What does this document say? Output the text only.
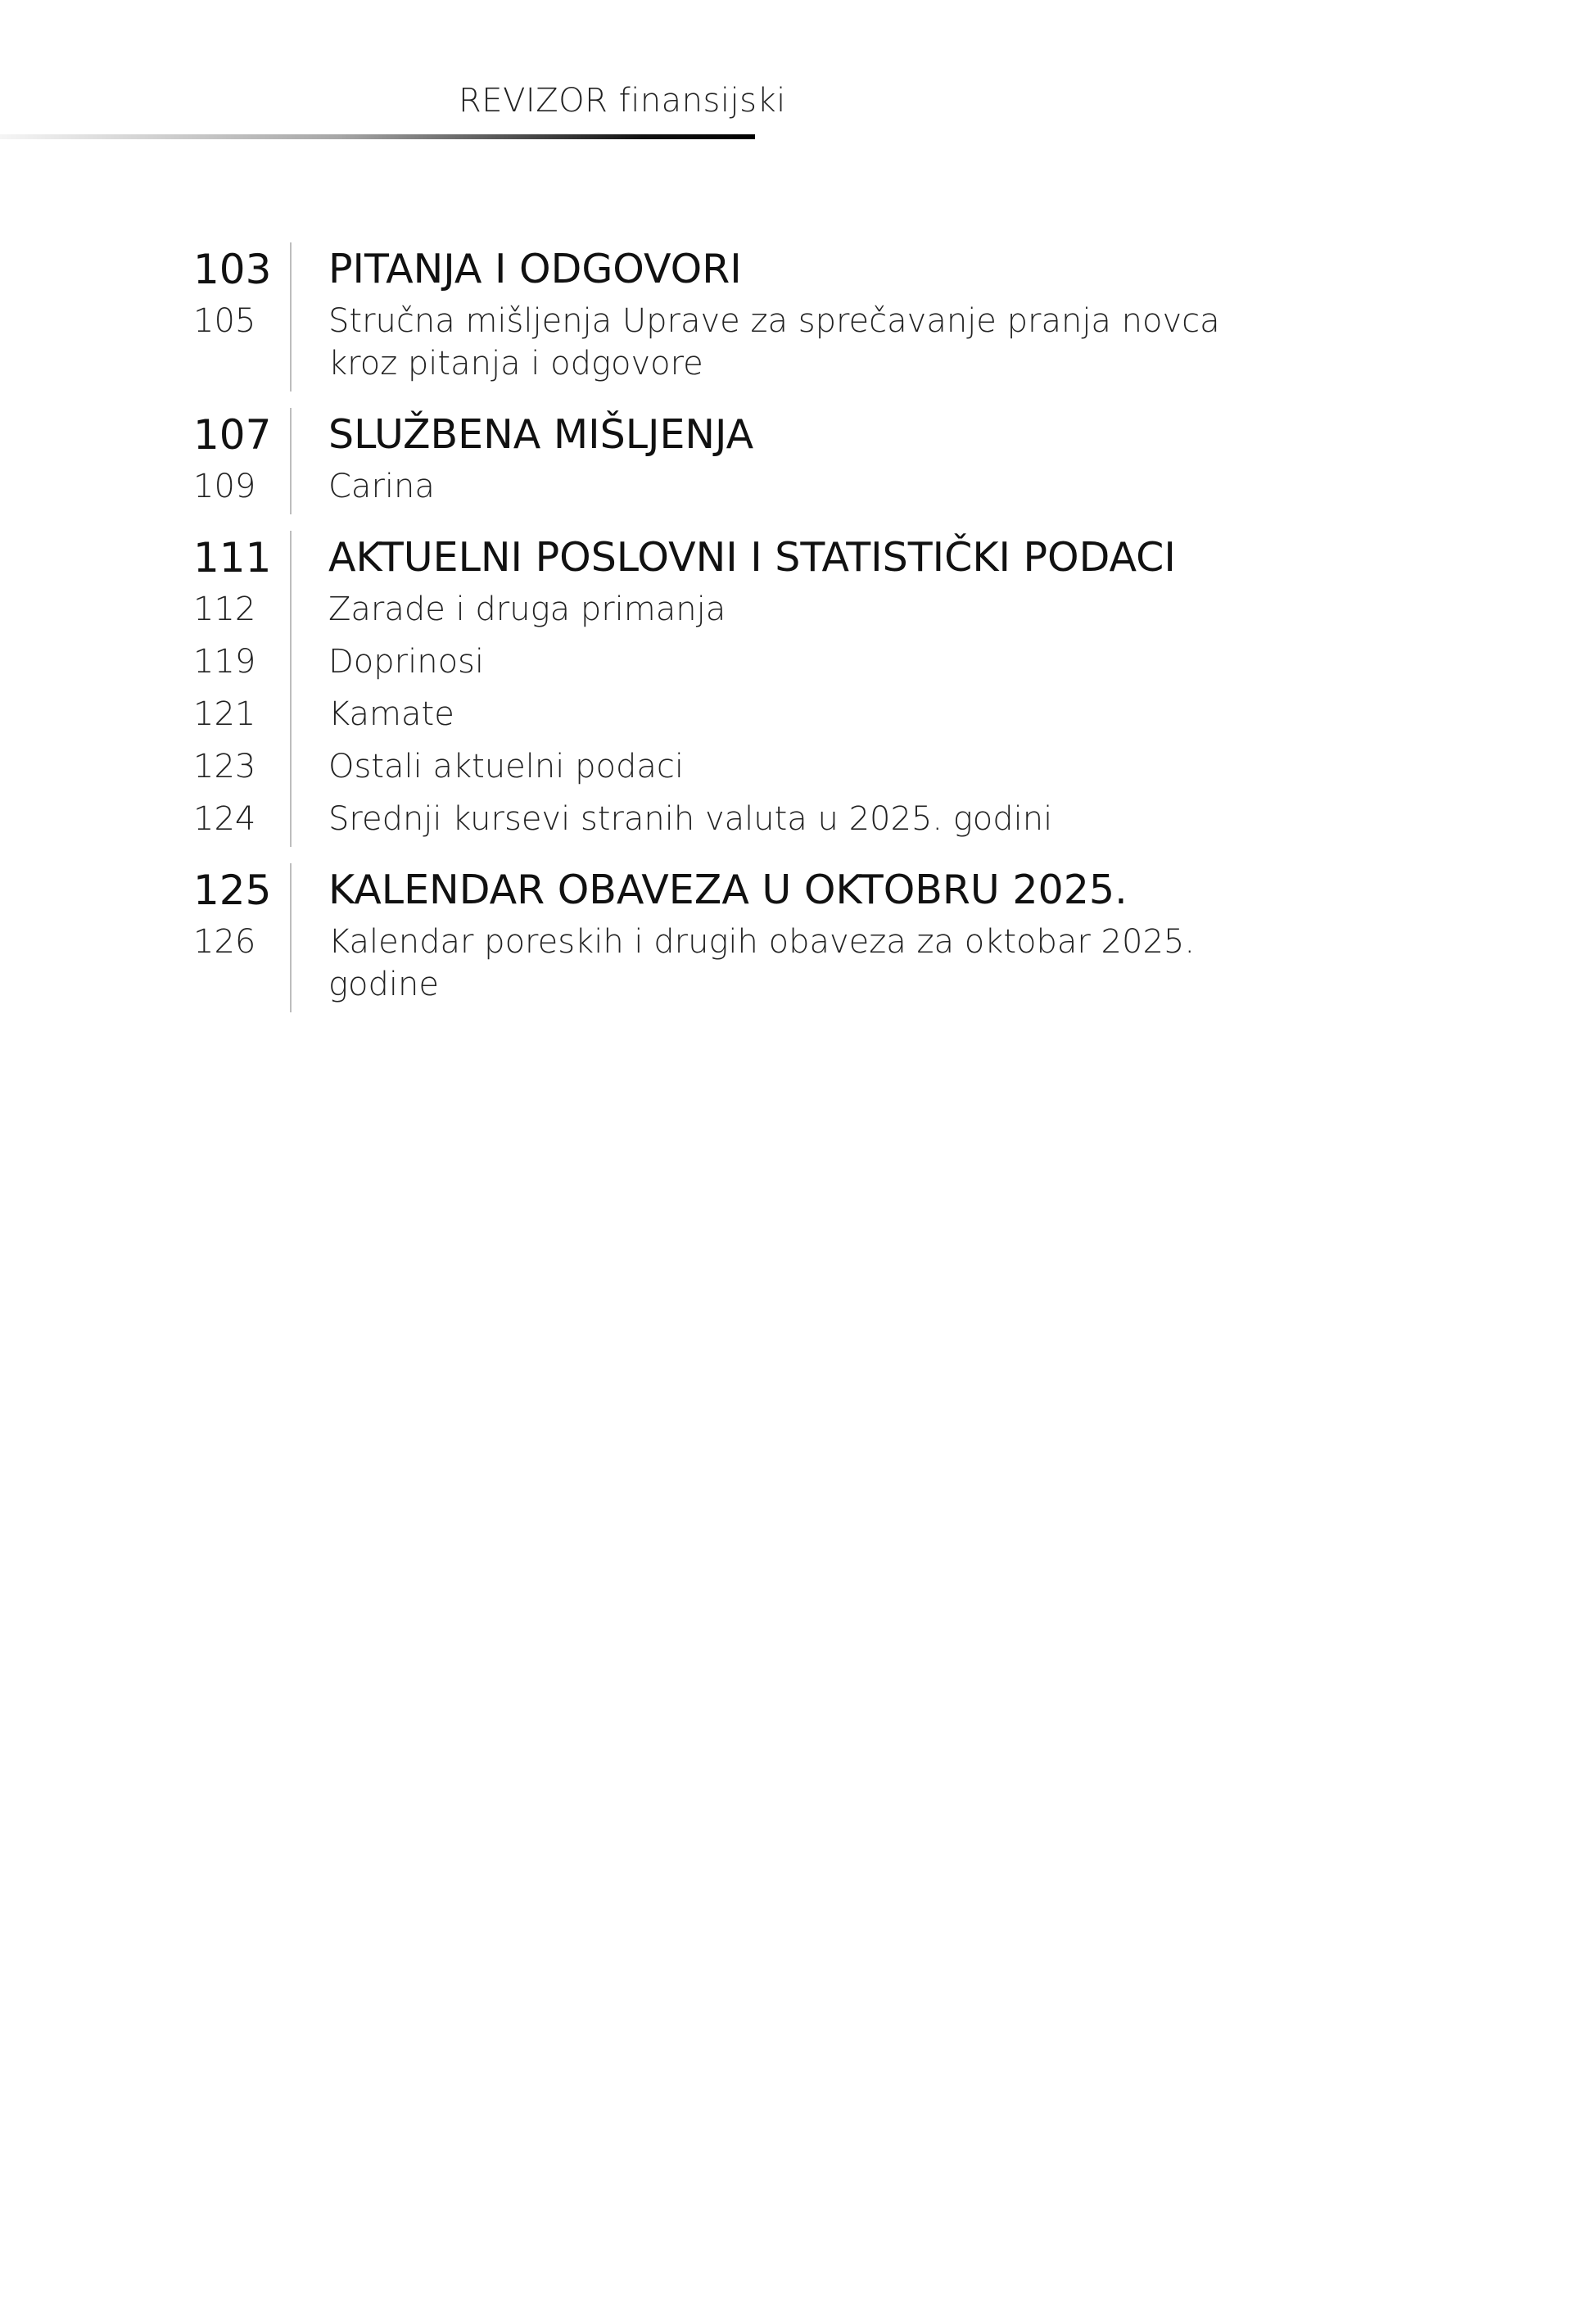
REVIZOR finansijski
103	PITANJA I ODGOVORI
105	Stručna mišljenja Uprave za sprečavanje pranja novca
kroz pitanja i odgovore
107	SLUŽBENA MIŠLJENJA
109	Carina
111	AKTUELNI POSLOVNI I STATISTIČKI PODACI
112	Zarade i druga primanja
119	Doprinosi
121	Kamate
123	Ostali aktuelni podaci
124	Srednji kursevi stranih valuta u 2025. godini
125	KALENDAR OBAVEZA U OKTOBRU 2025.
126	Kalendar poreskih i drugih obaveza za oktobar 2025. godine
